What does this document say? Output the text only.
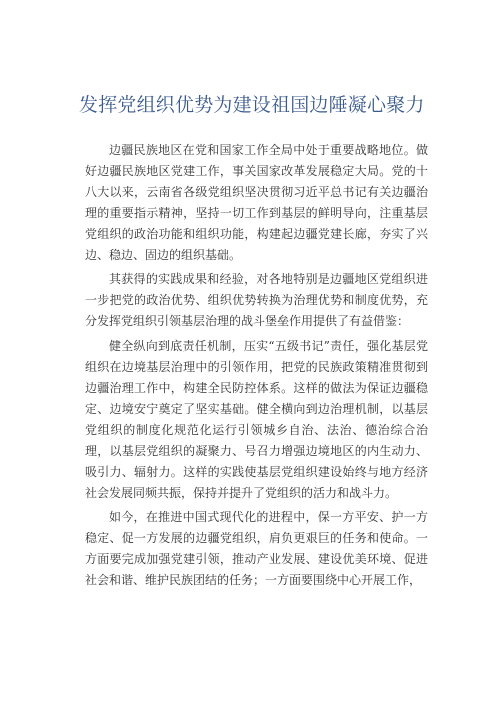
发挥党组织优势为建设祖国边陲凝心聚力

边疆民族地区在党和国家工作全局中处于重要战略地位。做好边疆民族地区党建工作，事关国家改革发展稳定大局。党的十八大以来，云南省各级党组织坚决贯彻习近平总书记有关边疆治理的重要指示精神，坚持一切工作到基层的鲜明导向，注重基层党组织的政治功能和组织功能，构建起边疆党建长廊，夯实了兴边、稳边、固边的组织基础。

其获得的实践成果和经验，对各地特别是边疆地区党组织进一步把党的政治优势、组织优势转换为治理优势和制度优势，充分发挥党组织引领基层治理的战斗堡垒作用提供了有益借鉴：

健全纵向到底责任机制，压实“五级书记”责任，强化基层党组织在边境基层治理中的引领作用，把党的民族政策精准贯彻到边疆治理工作中，构建全民防控体系。这样的做法为保证边疆稳定、边境安宁奠定了坚实基础。健全横向到边治理机制，以基层党组织的制度化规范化运行引领城乡自治、法治、德治综合治理，以基层党组织的凝聚力、号召力增强边境地区的内生动力、吸引力、辐射力。这样的实践使基层党组织建设始终与地方经济社会发展同频共振，保持并提升了党组织的活力和战斗力。

如今，在推进中国式现代化的进程中，保一方平安、护一方稳定、促一方发展的边疆党组织，肩负更艰巨的任务和使命。一方面要完成加强党建引领，推动产业发展、建设优美环境、促进社会和谐、维护民族团结的任务；一方面要围绕中心开展工作，
